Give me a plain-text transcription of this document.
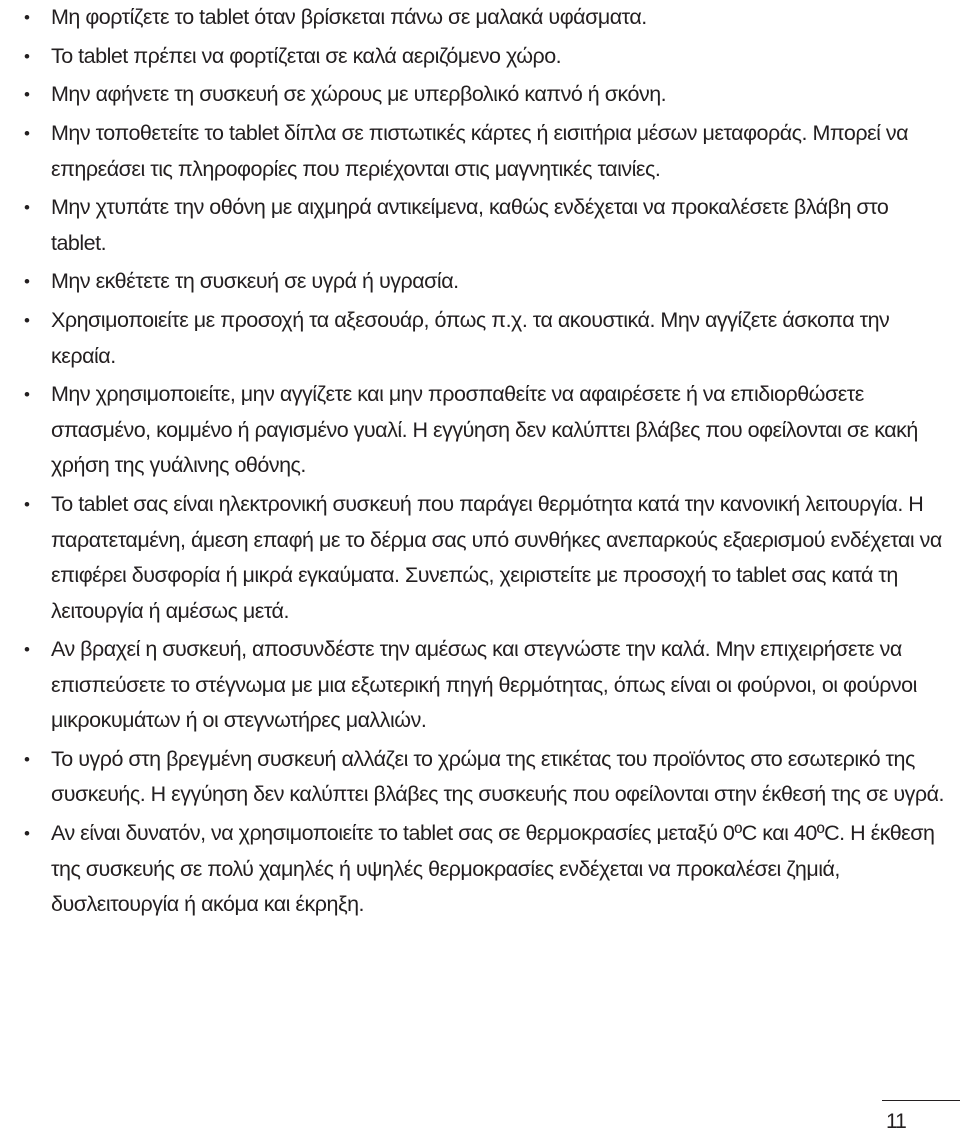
• Μη φορτίζετε το tablet όταν βρίσκεται πάνω σε μαλακά υφάσματα.
• To tablet πρέπει να φορτίζεται σε καλά αεριζόμενο χώρο.
• Μην αφήνετε τη συσκευή σε χώρους με υπερβολικό καπνό ή σκόνη.
• Μην τοποθετείτε το tablet δίπλα σε πιστωτικές κάρτες ή εισιτήρια μέσων μεταφοράς. Μπορεί να επηρεάσει τις πληροφορίες που περιέχονται στις μαγνητικές ταινίες.
• Μην χτυπάτε την οθόνη με αιχμηρά αντικείμενα, καθώς ενδέχεται να προκαλέσετε βλάβη στο tablet.
• Μην εκθέτετε τη συσκευή σε υγρά ή υγρασία.
• Χρησιμοποιείτε με προσοχή τα αξεσουάρ, όπως π.χ. τα ακουστικά. Μην αγγίζετε άσκοπα την κεραία.
• Μην χρησιμοποιείτε, μην αγγίζετε και μην προσπαθείτε να αφαιρέσετε ή να επιδιορθώσετε σπασμένο, κομμένο ή ραγισμένο γυαλί. Η εγγύηση δεν καλύπτει βλάβες που οφείλονται σε κακή χρήση της γυάλινης οθόνης.
• Το tablet σας είναι ηλεκτρονική συσκευή που παράγει θερμότητα κατά την κανονική λειτουργία. Η παρατεταμένη, άμεση επαφή με το δέρμα σας υπό συνθήκες ανεπαρκούς εξαερισμού ενδέχεται να επιφέρει δυσφορία ή μικρά εγκαύματα. Συνεπώς, χειριστείτε με προσοχή το tablet σας κατά τη λειτουργία ή αμέσως μετά.
• Αν βραχεί η συσκευή, αποσυνδέστε την αμέσως και στεγνώστε την καλά. Μην επιχειρήσετε να επισπεύσετε το στέγνωμα με μια εξωτερική πηγή θερμότητας, όπως είναι οι φούρνοι, οι φούρνοι μικροκυμάτων ή οι στεγνωτήρες μαλλιών.
• Το υγρό στη βρεγμένη συσκευή αλλάζει το χρώμα της ετικέτας του προϊόντος στο εσωτερικό της συσκευής. Η εγγύηση δεν καλύπτει βλάβες της συσκευής που οφείλονται στην έκθεσή της σε υγρά.
• Αν είναι δυνατόν, να χρησιμοποιείτε το tablet σας σε θερμοκρασίες μεταξύ 0ºC και 40ºC. Η έκθεση της συσκευής σε πολύ χαμηλές ή υψηλές θερμοκρασίες ενδέχεται να προκαλέσει ζημιά, δυσλειτουργία ή ακόμα και έκρηξη.
11
